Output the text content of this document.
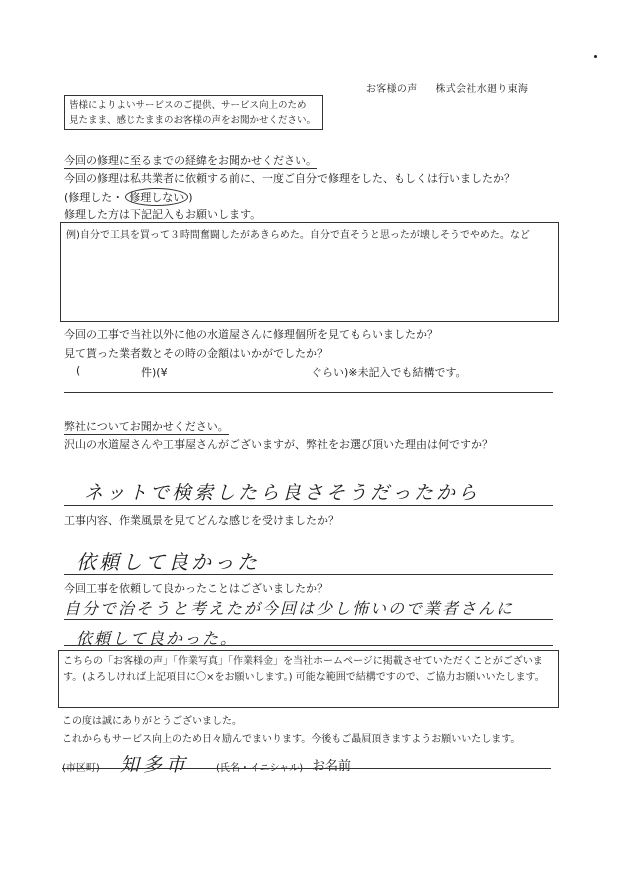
お客様の声 株式会社水廻り東海
皆様によりよいサービスのご提供、サービス向上のため
見たまま、感じたままのお客様の声をお聞かせください。
今回の修理に至るまでの経緯をお聞かせください。
今回の修理は私共業者に依頼する前に、一度ご自分で修理をした、もしくは行いましたか？
(修理した・ 修理しない )
修理した方は下記記入もお願いします。
例)自分で工具を買って３時間奮闘したがあきらめた。自分で直そうと思ったが壊しそうでやめた。など
今回の工事で当社以外に他の水道屋さんに修理個所を見てもらいましたか？
見て貰った業者数とその時の金額はいかがでしたか？
(	件)(¥	ぐらい)※未記入でも結構です。
弊社についてお聞かせください。
沢山の水道屋さんや工事屋さんがございますが、弊社をお選び頂いた理由は何ですか？
ネットで検索したら良さそうだったから
工事内容、作業風景を見てどんな感じを受けましたか？
依頼して良かった
今回工事を依頼して良かったことはございましたか？
自分で治そうと考えたが今回は少し怖いので業者さんに
依頼して良かった。
こちらの「お客様の声」「作業写真」「作業料金」を当社ホームページに掲載させていただくことがございます。(よろしければ上記項目に〇×をお願いします。) 可能な範囲で結構ですので、ご協力お願いいたします。
この度は誠にありがとうございました。
これからもサービス向上のため日々励んでまいります。今後もご贔屓頂きますようお願いいたします。
(市区町) 知多市	(氏名・イニシャル) お名前
